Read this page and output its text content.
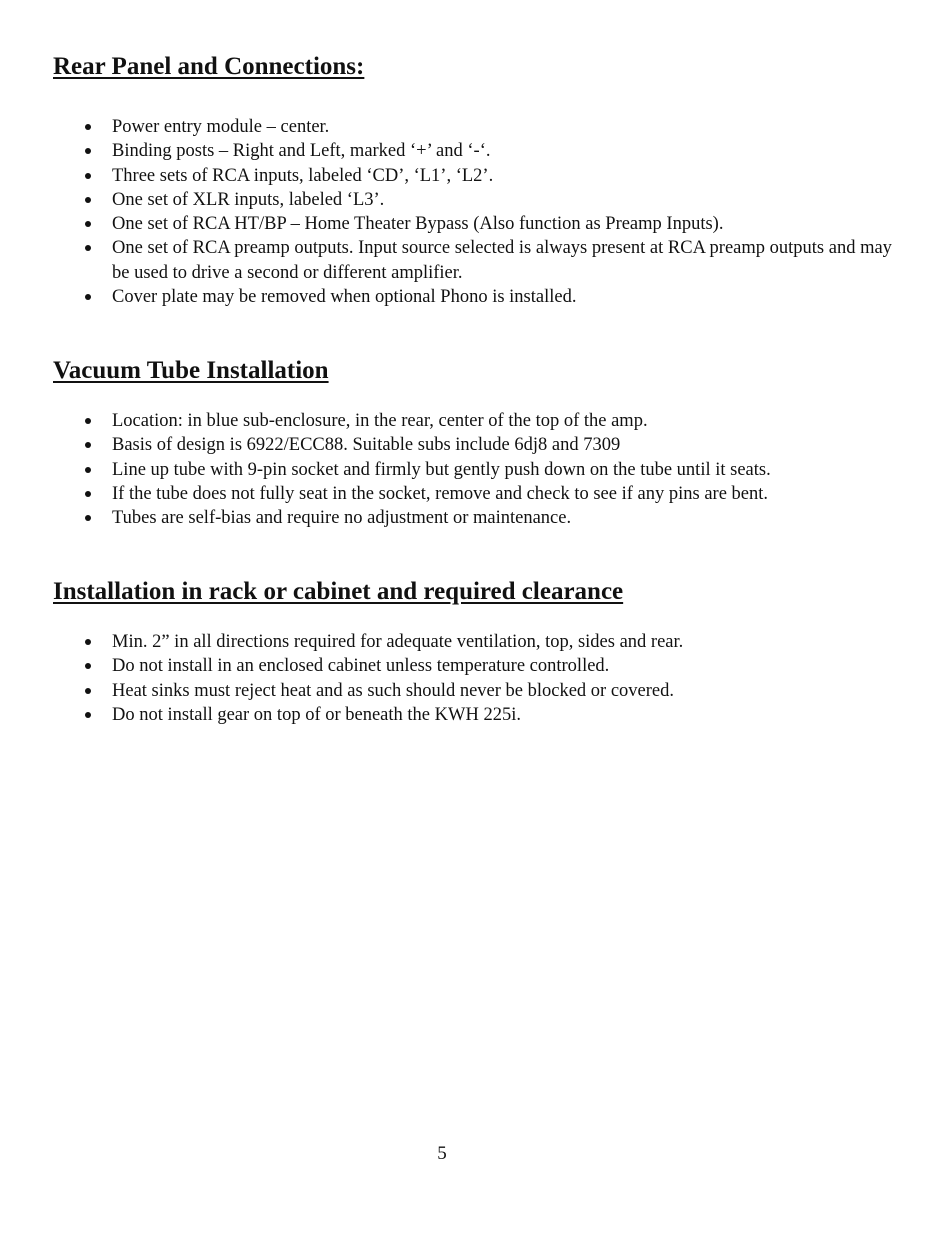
Rear Panel and Connections:
Power entry module – center.
Binding posts – Right and Left, marked ‘+’ and ‘-‘.
Three sets of RCA inputs, labeled ‘CD’, ‘L1’, ‘L2’.
One set of XLR inputs, labeled ‘L3’.
One set of RCA HT/BP – Home Theater Bypass (Also function as Preamp Inputs).
One set of RCA preamp outputs. Input source selected is always present at RCA preamp outputs and may be used to drive a second or different amplifier.
Cover plate may be removed when optional Phono is installed.
Vacuum Tube Installation
Location: in blue sub-enclosure, in the rear, center of the top of the amp.
Basis of design is 6922/ECC88. Suitable subs include 6dj8 and 7309
Line up tube with 9-pin socket and firmly but gently push down on the tube until it seats.
If the tube does not fully seat in the socket, remove and check to see if any pins are bent.
Tubes are self-bias and require no adjustment or maintenance.
Installation in rack or cabinet and required clearance
Min. 2” in all directions required for adequate ventilation, top, sides and rear.
Do not install in an enclosed cabinet unless temperature controlled.
Heat sinks must reject heat and as such should never be blocked or covered.
Do not install gear on top of or beneath the KWH 225i.
5
